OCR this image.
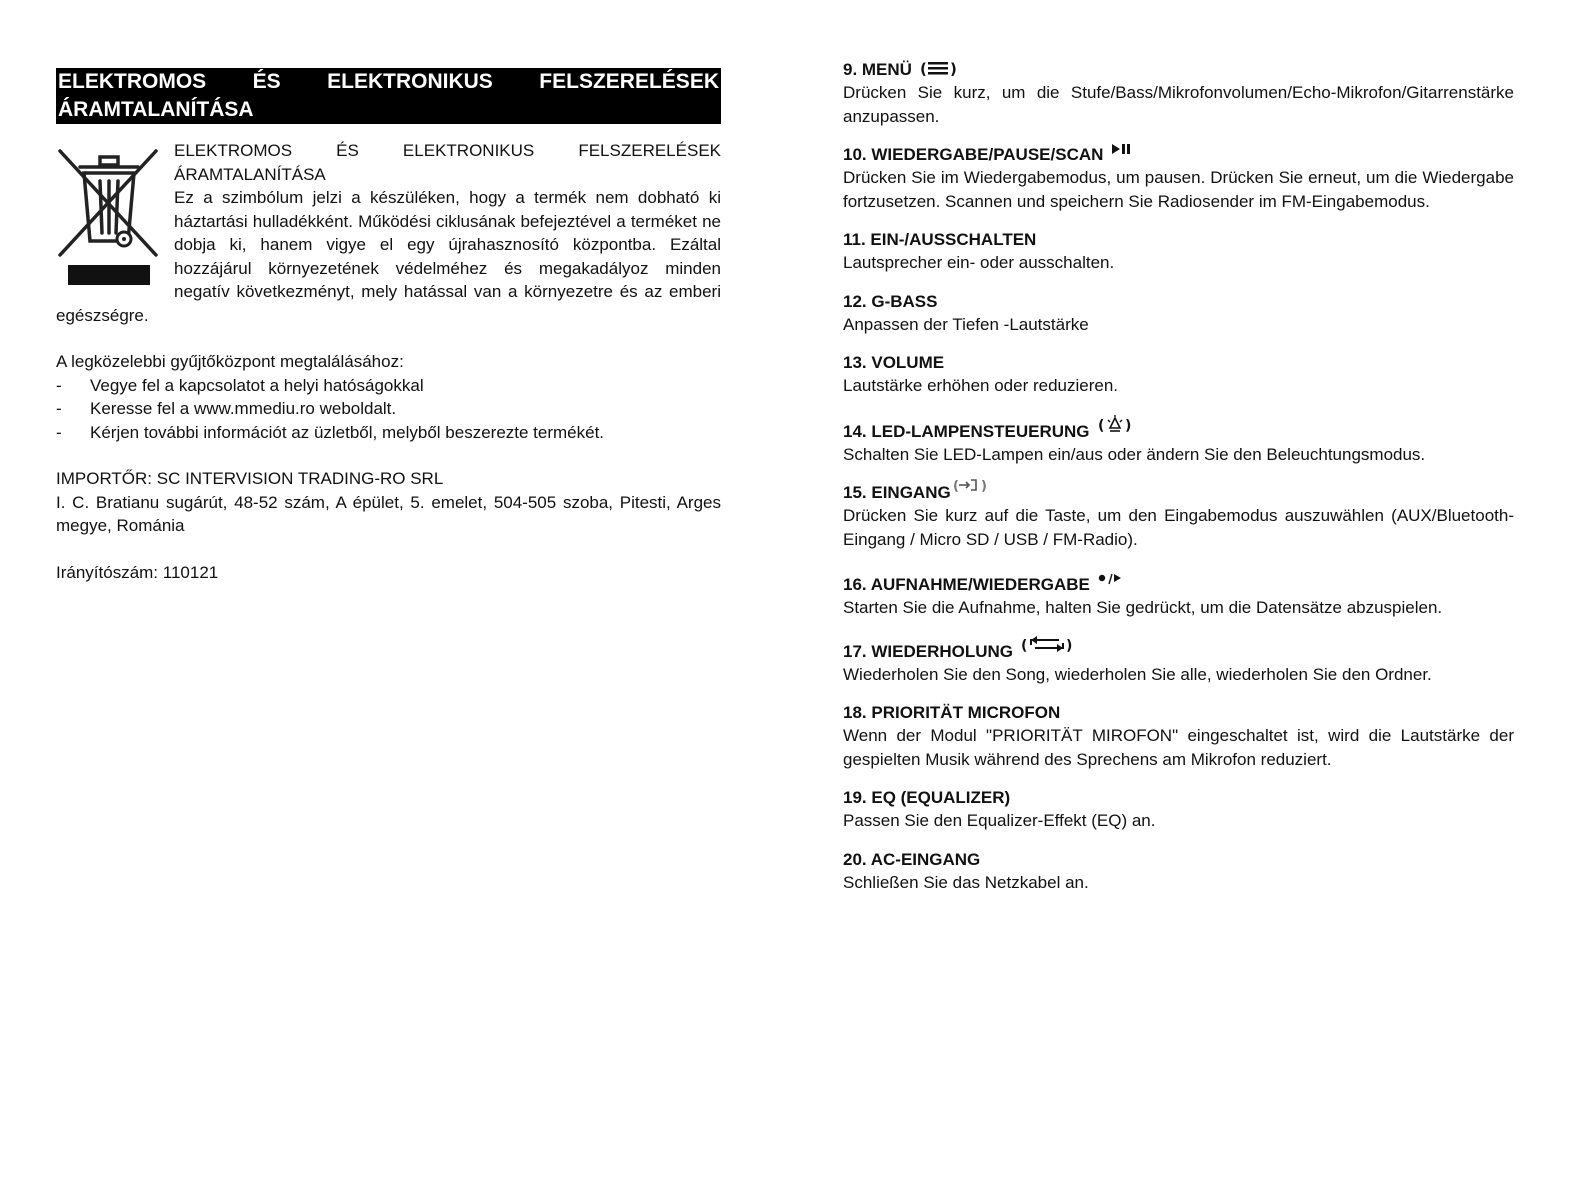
ELEKTROMOS ÉS ELEKTRONIKUS FELSZERELÉSEK ÁRAMTALANÍTÁSA
ELEKTROMOS ÉS ELEKTRONIKUS FELSZERELÉSEK
ÁRAMTALANÍTÁSA
Ez a szimbólum jelzi a készüléken, hogy a termék nem dobható ki háztartási hulladékként. Működési ciklusának befejeztével a terméket ne dobja ki, hanem vigye el egy újrahasznosító központba. Ezáltal hozzájárul környezetének védelméhez és megakadályoz minden negatív következményt, mely hatással van a környezetre és az emberi egészségre.
A legközelebbi gyűjtőközpont megtalálásához:
-	Vegye fel a kapcsolatot a helyi hatóságokkal
-	Keresse fel a www.mmediu.ro weboldalt.
-	Kérjen további információt az üzletből, melyből beszerezte termékét.
IMPORTŐR: SC INTERVISION TRADING-RO SRL
I. C. Bratianu sugárút, 48-52 szám, A épület, 5. emelet, 504-505 szoba, Pitesti, Arges megye, Románia
Irányítószám: 110121
9. MENÜ ( )
Drücken Sie kurz, um die Stufe/Bass/Mikrofonvolumen/Echo-Mikrofon/Gitarrenstärke anzupassen.
10. WIEDERGABE/PAUSE/SCAN
Drücken Sie im Wiedergabemodus, um pausen. Drücken Sie erneut, um die Wiedergabe fortzusetzen. Scannen und speichern Sie Radiosender im FM-Eingabemodus.
11. EIN-/AUSSCHALTEN
Lautsprecher ein- oder ausschalten.
12. G-BASS
Anpassen der Tiefen -Lautstärke
13. VOLUME
Lautstärke erhöhen oder reduzieren.
14. LED-LAMPENSTEUERUNG ( )
Schalten Sie LED-Lampen ein/aus oder ändern Sie den Beleuchtungsmodus.
15. EINGANG ( )
Drücken Sie kurz auf die Taste, um den Eingabemodus auszuwählen (AUX/Bluetooth-Eingang / Micro SD / USB / FM-Radio).
16. AUFNAHME/WIEDERGABE
Starten Sie die Aufnahme, halten Sie gedrückt, um die Datensätze abzuspielen.
17. WIEDERHOLUNG (	)
Wiederholen Sie den Song, wiederholen Sie alle, wiederholen Sie den Ordner.
18. PRIORITÄT MICROFON
Wenn der Modul "PRIORITÄT MIROFON" eingeschaltet ist, wird die Lautstärke der gespielten Musik während des Sprechens am Mikrofon reduziert.
19. EQ (EQUALIZER)
Passen Sie den Equalizer-Effekt (EQ) an.
20. AC-EINGANG
Schließen Sie das Netzkabel an.
